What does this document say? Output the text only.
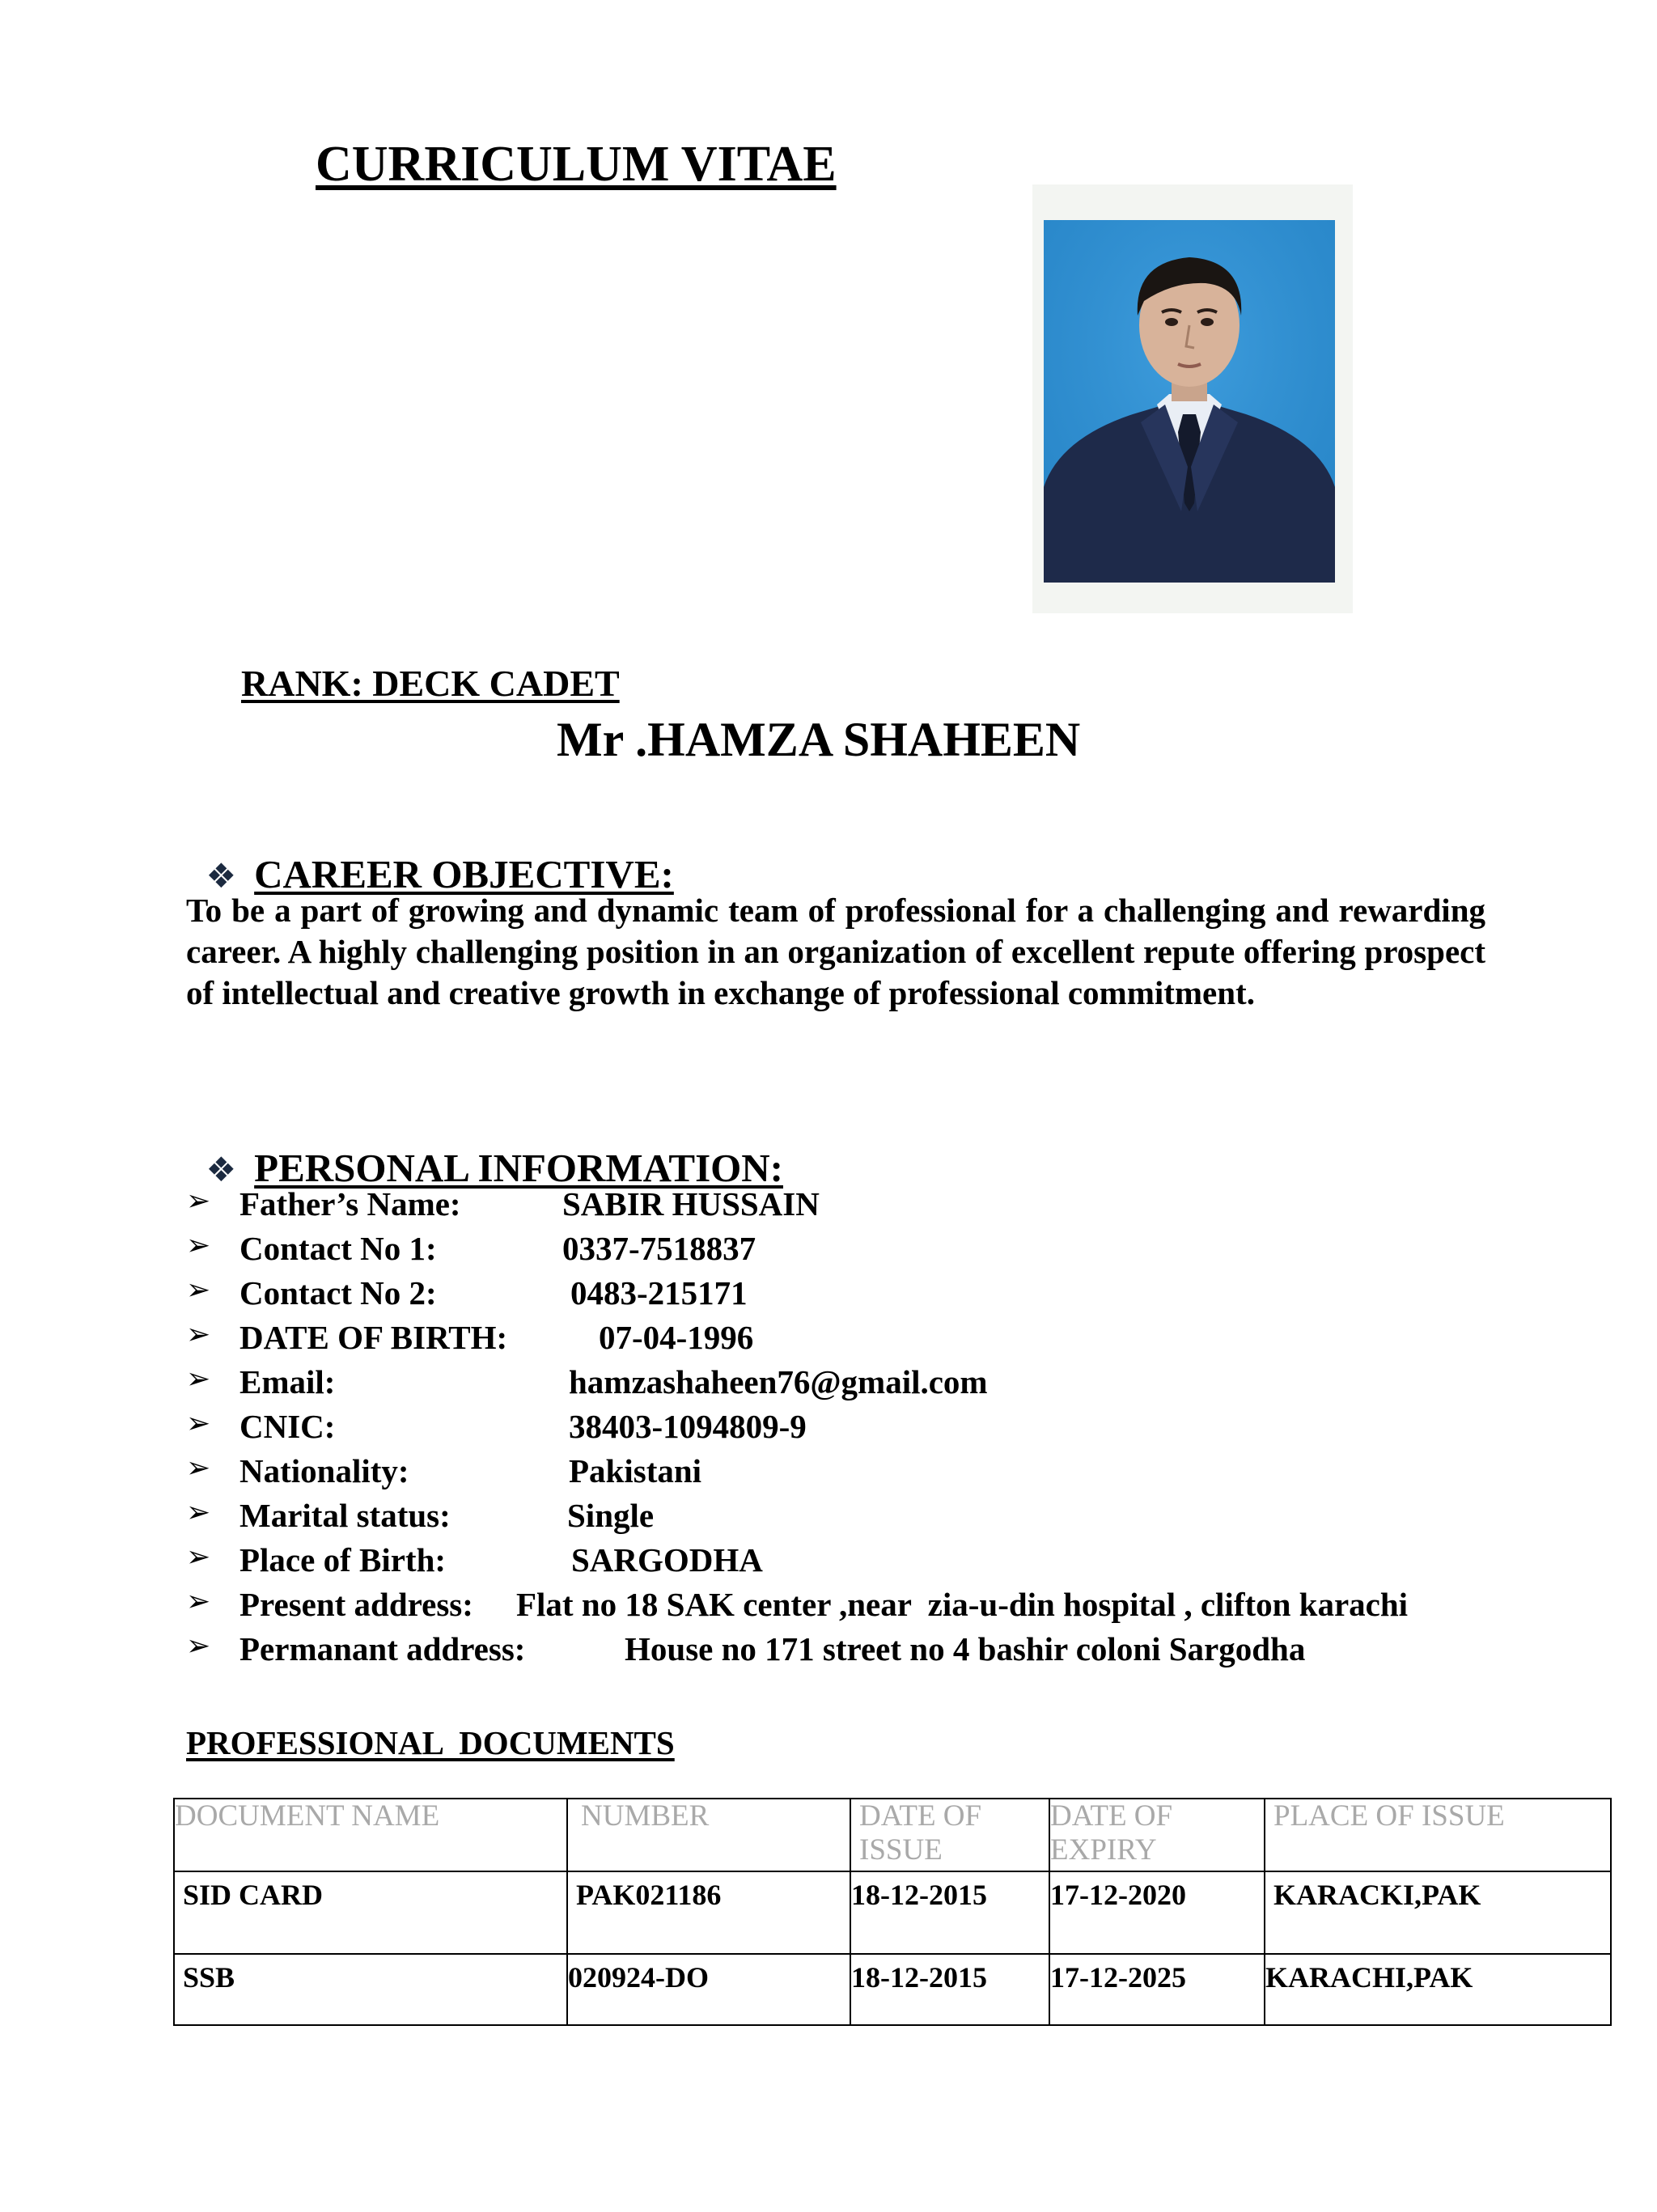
CURRICULUM VITAE
RANK: DECK CADET
Mr .HAMZA SHAHEEN

❖ CAREER OBJECTIVE:

To be a part of growing and dynamic team of professional for a challenging and rewarding career. A highly challenging position in an organization of excellent repute offering prospect of intellectual and creative growth in exchange of professional commitment.

❖ PERSONAL INFORMATION:

➢

Father’s Name:

	SABIR HUSSAIN

➢

Contact No 1:

	0337-7518837

➢

Contact No 2:

	0483-215171

➢

DATE OF BIRTH:

	07-04-1996

➢

Email:

	hamzashaheen76@gmail.com

➢

CNIC:

	38403-1094809-9

➢

Nationality:

	Pakistani

➢

Marital status:

	Single

➢

Place of Birth:

	SARGODHA

➢

Present address:

Flat no 18 SAK center ,near  zia-u-din hospital , clifton karachi

➢

Permanant address:

	House no 171 street no 4 bashir coloni Sargodha

PROFESSIONAL  DOCUMENTS
DOCUMENT NAME	NUMBER	DATE OF ISSUE	DATE OF EXPIRY	PLACE OF ISSUE
SID CARD	PAK021186	18-12-2015	17-12-2020	KARACKI,PAK
SSB	020924-DO	18-12-2015	17-12-2025	KARACHI,PAK
